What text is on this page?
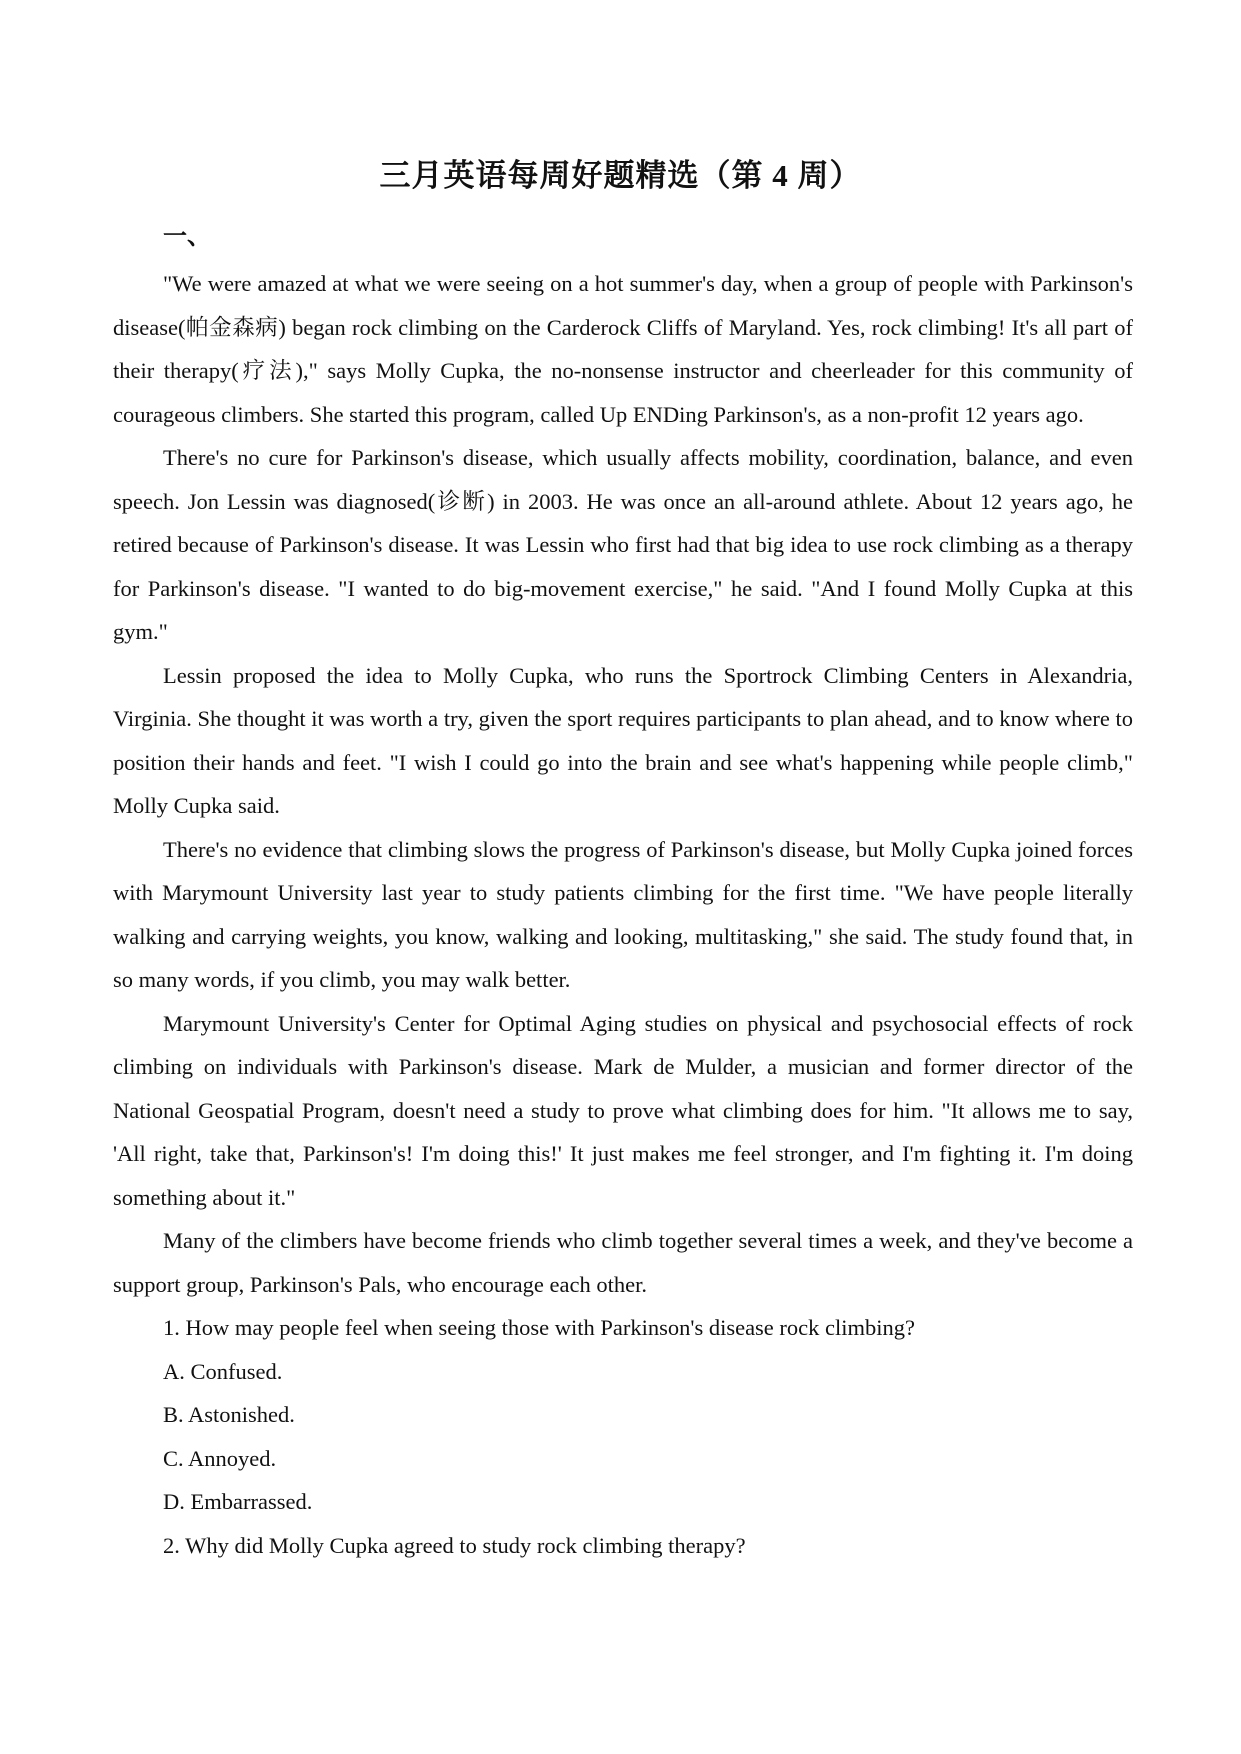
三月英语每周好题精选（第 4 周）
一、

"We were amazed at what we were seeing on a hot summer's day, when a group of people with Parkinson's disease(帕金森病) began rock climbing on the Carderock Cliffs of Maryland. Yes, rock climbing! It's all part of their therapy(疗法)," says Molly Cupka, the no-nonsense instructor and cheerleader for this community of courageous climbers. She started this program, called Up ENDing Parkinson's, as a non-profit 12 years ago.

There's no cure for Parkinson's disease, which usually affects mobility, coordination, balance, and even speech. Jon Lessin was diagnosed(诊断) in 2003. He was once an all-around athlete. About 12 years ago, he retired because of Parkinson's disease. It was Lessin who first had that big idea to use rock climbing as a therapy for Parkinson's disease. "I wanted to do big-movement exercise," he said. "And I found Molly Cupka at this gym."

Lessin proposed the idea to Molly Cupka, who runs the Sportrock Climbing Centers in Alexandria, Virginia. She thought it was worth a try, given the sport requires participants to plan ahead, and to know where to position their hands and feet. "I wish I could go into the brain and see what's happening while people climb," Molly Cupka said.

There's no evidence that climbing slows the progress of Parkinson's disease, but Molly Cupka joined forces with Marymount University last year to study patients climbing for the first time. "We have people literally walking and carrying weights, you know, walking and looking, multitasking," she said. The study found that, in so many words, if you climb, you may walk better.

Marymount University's Center for Optimal Aging studies on physical and psychosocial effects of rock climbing on individuals with Parkinson's disease. Mark de Mulder, a musician and former director of the National Geospatial Program, doesn't need a study to prove what climbing does for him. "It allows me to say, 'All right, take that, Parkinson's! I'm doing this!' It just makes me feel stronger, and I'm fighting it. I'm doing something about it."

Many of the climbers have become friends who climb together several times a week, and they've become a support group, Parkinson's Pals, who encourage each other.

1. How may people feel when seeing those with Parkinson's disease rock climbing?

A. Confused.

B. Astonished.

C. Annoyed.

D. Embarrassed.

2. Why did Molly Cupka agreed to study rock climbing therapy?
